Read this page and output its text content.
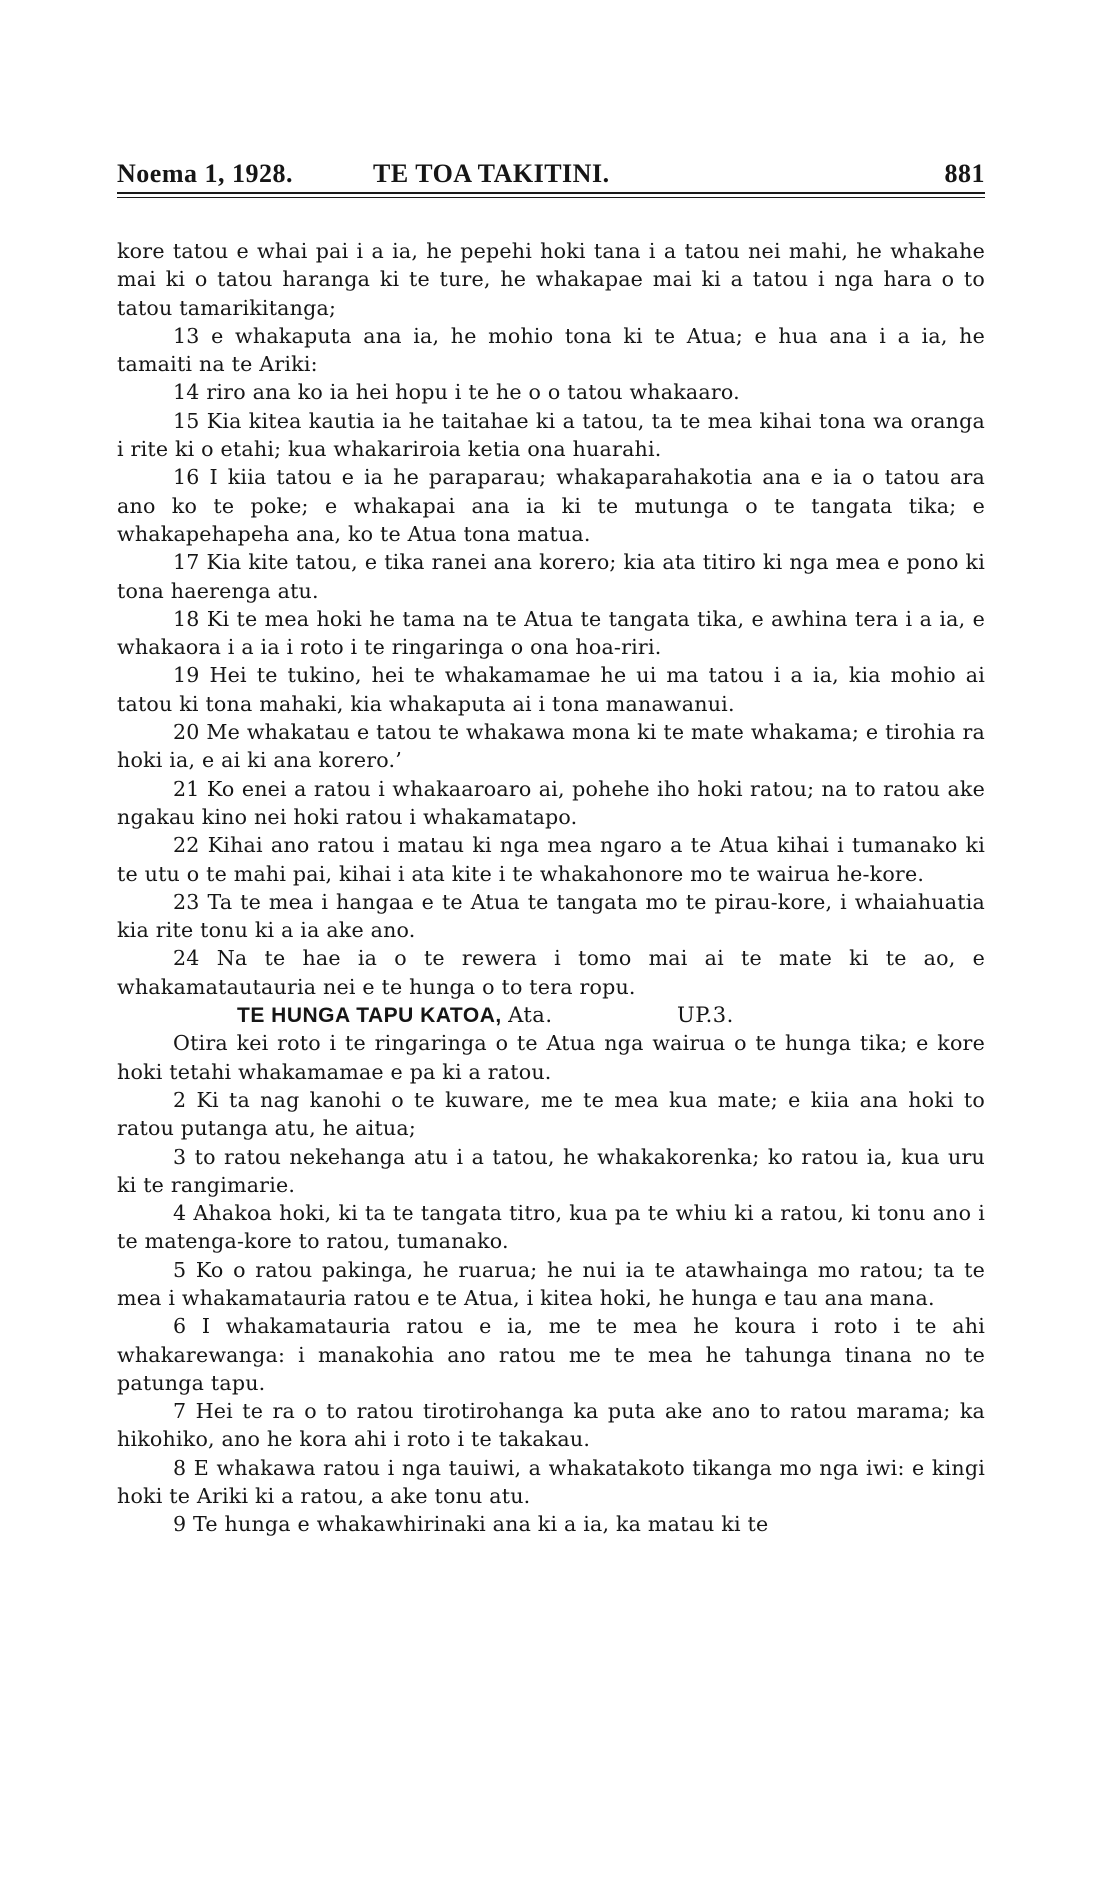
Noema 1, 1928.	TE TOA TAKITINI.	881

kore tatou e whai pai i a ia, he pepehi hoki tana i a tatou nei mahi, he whakahe mai ki o tatou haranga ki te ture, he whakapae mai ki a tatou i nga hara o to tatou tamarikitanga;

13 e whakaputa ana ia, he mohio tona ki te Atua; e hua ana i a ia, he tamaiti na te Ariki:

14 riro ana ko ia hei hopu i te he o o tatou whakaaro.

15 Kia kitea kautia ia he taitahae ki a tatou, ta te mea kihai tona wa oranga i rite ki o etahi; kua whakariroia ketia ona huarahi.

16 I kiia tatou e ia he paraparau; whakaparahakotia ana e ia o tatou ara ano ko te poke; e whakapai ana ia ki te mutunga o te tangata tika; e whakapehapeha ana, ko te Atua tona matua.

17 Kia kite tatou, e tika ranei ana korero; kia ata titiro ki nga mea e pono ki tona haerenga atu.

18 Ki te mea hoki he tama na te Atua te tangata tika, e awhina tera i a ia, e whakaora i a ia i roto i te ringaringa o ona hoa-riri.

19 Hei te tukino, hei te whakamamae he ui ma tatou i a ia, kia mohio ai tatou ki tona mahaki, kia whakaputa ai i tona manawanui.

20 Me whakatau e tatou te whakawa mona ki te mate whakama; e tirohia ra hoki ia, e ai ki ana korero.’

21 Ko enei a ratou i whakaaroaro ai, pohehe iho hoki ratou; na to ratou ake ngakau kino nei hoki ratou i whakamatapo.

22 Kihai ano ratou i matau ki nga mea ngaro a te Atua kihai i tumanako ki te utu o te mahi pai, kihai i ata kite i te whakahonore mo te wairua he-kore.

23 Ta te mea i hangaa e te Atua te tangata mo te pirau-kore, i whaiahuatia kia rite tonu ki a ia ake ano.

24 Na te hae ia o te rewera i tomo mai ai te mate ki te ao, e whakamatautauria nei e te hunga o to tera ropu.

TE HUNGA TAPU KATOA, Ata.	UP.3.

Otira kei roto i te ringaringa o te Atua nga wairua o te hunga tika; e kore hoki tetahi whakamamae e pa ki a ratou.

2 Ki ta nag kanohi o te kuware, me te mea kua mate; e kiia ana hoki to ratou putanga atu, he aitua;

3 to ratou nekehanga atu i a tatou, he whakakorenka; ko ratou ia, kua uru ki te rangimarie.

4 Ahakoa hoki, ki ta te tangata titro, kua pa te whiu ki a ratou, ki tonu ano i te matenga-kore to ratou, tumanako.

5 Ko o ratou pakinga, he ruarua; he nui ia te atawhainga mo ratou; ta te mea i whakamatauria ratou e te Atua, i kitea hoki, he hunga e tau ana mana.

6 I whakamatauria ratou e ia, me te mea he koura i roto i te ahi whakarewanga: i manakohia ano ratou me te mea he tahunga tinana no te patunga tapu.

7 Hei te ra o to ratou tirotirohanga ka puta ake ano to ratou marama; ka hikohiko, ano he kora ahi i roto i te takakau.

8 E whakawa ratou i nga tauiwi, a whakatakoto tikanga mo nga iwi: e kingi hoki te Ariki ki a ratou, a ake tonu atu.

9 Te hunga e whakawhirinaki ana ki a ia, ka matau ki te
